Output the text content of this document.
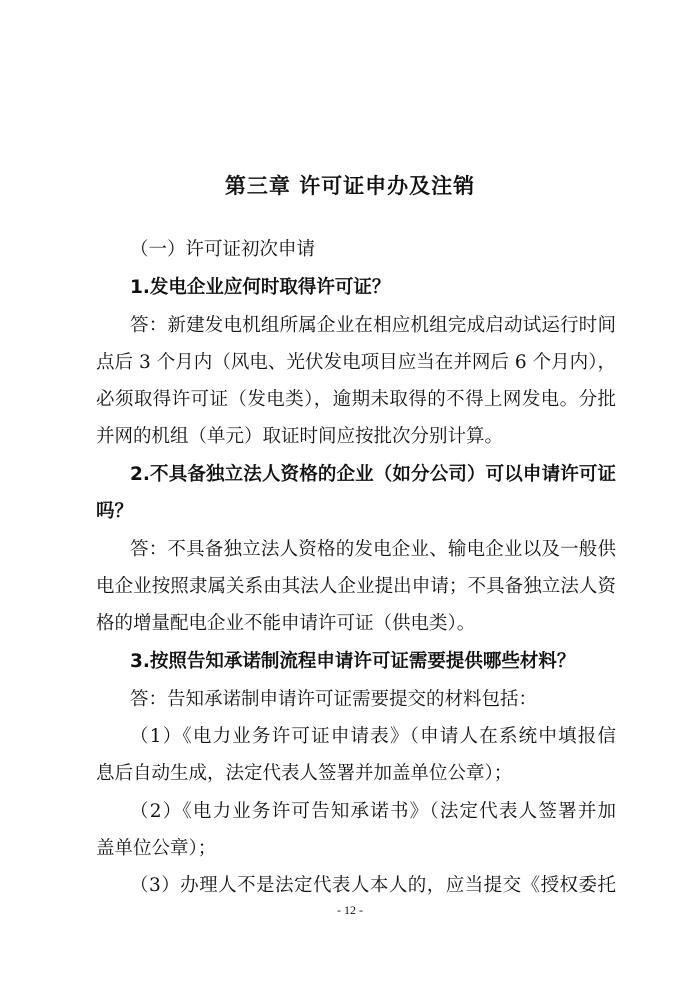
第三章 许可证申办及注销

（一）许可证初次申请

1.发电企业应何时取得许可证？

答：新建发电机组所属企业在相应机组完成启动试运行时间

点后 3 个月内（风电、光伏发电项目应当在并网后 6 个月内），

必须取得许可证（发电类），逾期未取得的不得上网发电。分批

并网的机组（单元）取证时间应按批次分别计算。

2.不具备独立法人资格的企业（如分公司）可以申请许可证

吗？

答：不具备独立法人资格的发电企业、输电企业以及一般供

电企业按照隶属关系由其法人企业提出申请；不具备独立法人资

格的增量配电企业不能申请许可证（供电类）。

3.按照告知承诺制流程申请许可证需要提供哪些材料？

答：告知承诺制申请许可证需要提交的材料包括：

（1）《电力业务许可证申请表》（申请人在系统中填报信

息后自动生成，法定代表人签署并加盖单位公章）；

（2）《电力业务许可告知承诺书》（法定代表人签署并加

盖单位公章）；

（3）办理人不是法定代表人本人的，应当提交《授权委托

- 12 -
